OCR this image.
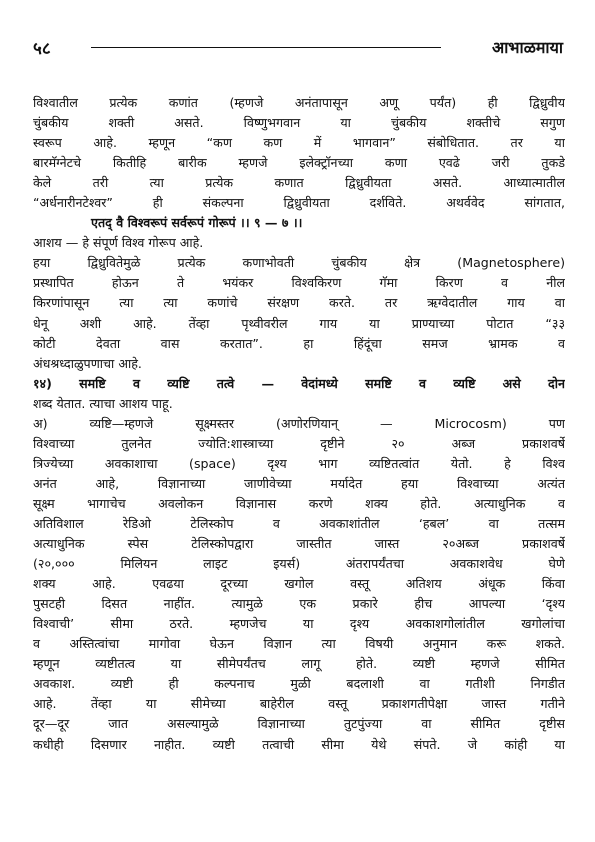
५८	आभाळमाया
विश्वातील प्रत्येक कणांत (म्हणजे अनंतापासून अणू पर्यंत) ही द्विध्रुवीय
चुंबकीय शक्ती असते. विष्णुभगवान या चुंबकीय शक्तीचे सगुण
स्वरूप आहे. म्हणून “कण कण में भागवान” संबोधितात. तर या
बारमॅग्नेटचे कितीहि बारीक म्हणजे इलेक्ट्रॉनच्या कणा एवढे जरी तुकडे
केले तरी त्या प्रत्येक कणात द्विध्रुवीयता असते. आध्यात्मातील
“अर्धनारीनटेश्वर” ही संकल्पना द्विध्रुवीयता दर्शविते. अथर्ववेद सांगतात,
एतद् वै विश्वरूपं सर्वरूपं गोरूपं ।। ९ — ७ ।।
आशय — हे संपूर्ण विश्व गोरूप आहे.
हया द्विध्रुवितेमुळे प्रत्येक कणाभोवती चुंबकीय क्षेत्र (Magnetosphere)
प्रस्थापित होऊन ते भयंकर विश्वकिरण गॅमा किरण व नील
किरणांपासून त्या त्या कणांचे संरक्षण करते. तर ऋग्वेदातील गाय वा
धेनू अशी आहे. तेंव्हा पृथ्वीवरील गाय या प्राण्याच्या पोटात “३३
कोटी देवता वास करतात”. हा हिंदूंचा समज भ्रामक व
अंधश्रध्दाळुपणाचा आहे.
१४) समष्टि व व्यष्टि तत्वे — वेदांमध्ये समष्टि व व्यष्टि असे दोन
शब्द येतात. त्याचा आशय पाहू.
अ) व्यष्टि—म्हणजे सूक्ष्मस्तर (अणोरणियान् — Microcosm) पण
विश्वाच्या तुलनेत ज्योति:शास्त्राच्या दृष्टीने २० अब्ज प्रकाशवर्षे
त्रिज्येच्या अवकाशाचा (space) दृश्य भाग व्यष्टितत्वांत येतो. हे विश्व
अनंत आहे, विज्ञानाच्या जाणीवेच्या मर्यादेत हया विश्वाच्या अत्यंत
सूक्ष्म भागाचेच अवलोकन विज्ञानास करणे शक्य होते. अत्याधुनिक व
अतिविशाल रेडिओ टेलिस्कोप व अवकाशांतील ‘हबल’ वा तत्सम
अत्याधुनिक स्पेस टेलिस्कोपद्वारा जास्तीत जास्त २०अब्ज प्रकाशवर्षे
(२०,००० मिलियन लाइट इयर्स) अंतरापर्यंतचा अवकाशवेध घेणे
शक्य आहे. एवढया दूरच्या खगोल वस्तू अतिशय अंधूक किंवा
पुसटही दिसत नाहींत. त्यामुळे एक प्रकारे हीच आपल्या ‘दृश्य
विश्वाची’ सीमा ठरते. म्हणजेच या दृश्य अवकाशगोलांतील खगोलांचा
व अस्तित्वांचा मागोवा घेऊन विज्ञान त्या विषयी अनुमान करू शकते.
म्हणून व्यष्टीतत्व या सीमेपर्यंतच लागू होते. व्यष्टी म्हणजे सीमित
अवकाश. व्यष्टी ही कल्पनाच मुळी बदलाशी वा गतीशी निगडीत
आहे. तेंव्हा या सीमेच्या बाहेरील वस्तू प्रकाशगतीपेक्षा जास्त गतीने
दूर—दूर जात असल्यामुळे विज्ञानाच्या तुटपुंज्या वा सीमित दृष्टीस
कधीही दिसणार नाहीत. व्यष्टी तत्वाची सीमा येथे संपते. जे कांही या
